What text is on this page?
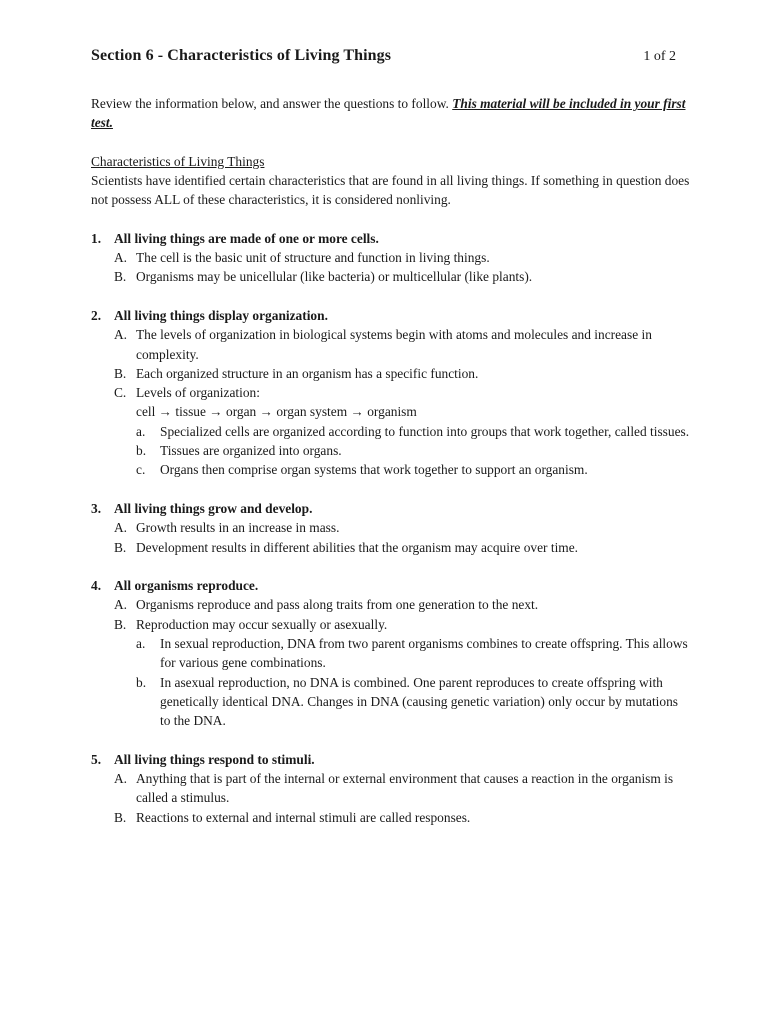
Section 6 - Characteristics of Living Things	1 of 2
Review the information below, and answer the questions to follow. This material will be included in your first test.
Characteristics of Living Things
Scientists have identified certain characteristics that are found in all living things. If something in question does not possess ALL of these characteristics, it is considered nonliving.
1. All living things are made of one or more cells.
A. The cell is the basic unit of structure and function in living things.
B. Organisms may be unicellular (like bacteria) or multicellular (like plants).
2. All living things display organization.
A. The levels of organization in biological systems begin with atoms and molecules and increase in complexity.
B. Each organized structure in an organism has a specific function.
C. Levels of organization:
cell → tissue → organ → organ system → organism
a.	Specialized cells are organized according to function into groups that work together, called tissues.
b.	Tissues are organized into organs.
c.	Organs then comprise organ systems that work together to support an organism.
3. All living things grow and develop.
A. Growth results in an increase in mass.
B. Development results in different abilities that the organism may acquire over time.
4. All organisms reproduce.
A. Organisms reproduce and pass along traits from one generation to the next.
B. Reproduction may occur sexually or asexually.
a.	In sexual reproduction, DNA from two parent organisms combines to create offspring. This allows for various gene combinations.
b.	In asexual reproduction, no DNA is combined. One parent reproduces to create offspring with genetically identical DNA. Changes in DNA (causing genetic variation) only occur by mutations to the DNA.
5. All living things respond to stimuli.
A. Anything that is part of the internal or external environment that causes a reaction in the organism is called a stimulus.
B. Reactions to external and internal stimuli are called responses.
